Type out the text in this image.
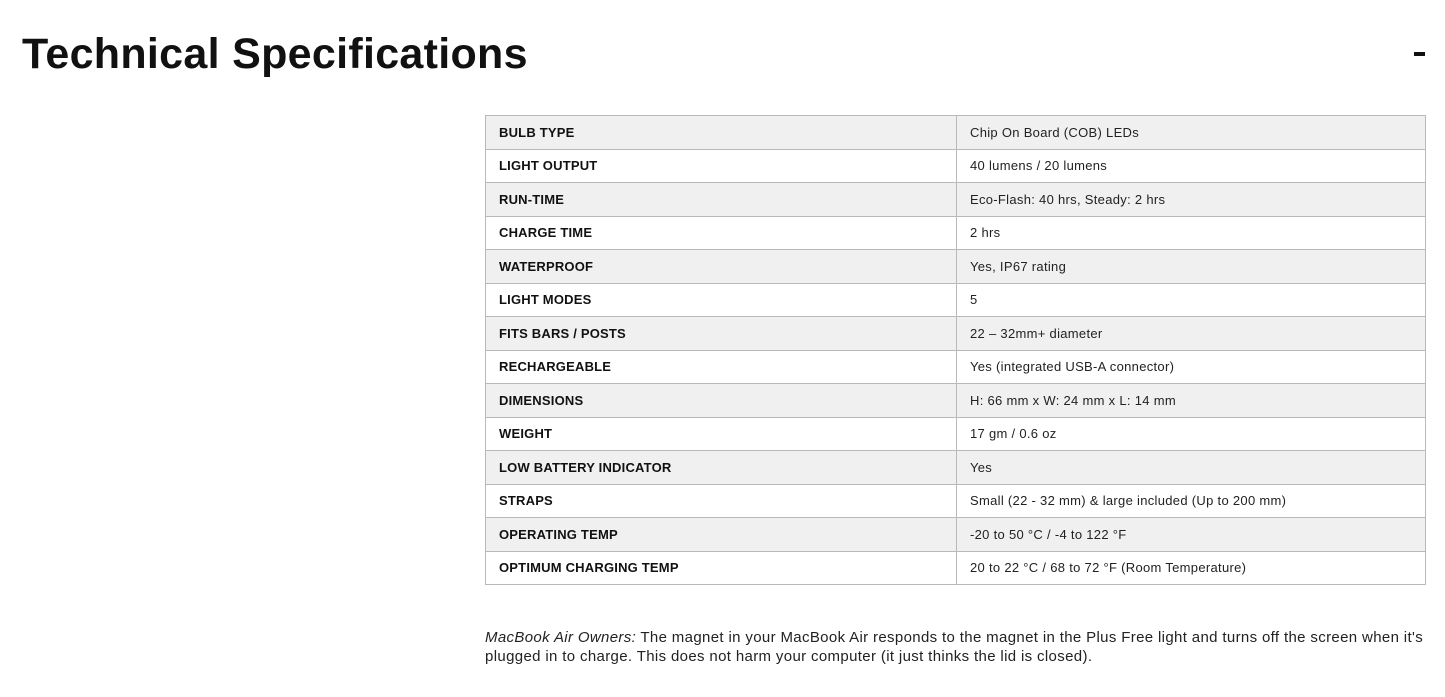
Technical Specifications
BULB TYPE	Chip On Board (COB) LEDs
LIGHT OUTPUT	40 lumens / 20 lumens
RUN-TIME	Eco-Flash: 40 hrs, Steady: 2 hrs
CHARGE TIME	2 hrs
WATERPROOF	Yes, IP67 rating
LIGHT MODES	5
FITS BARS / POSTS	22 – 32mm+ diameter
RECHARGEABLE	Yes (integrated USB-A connector)
DIMENSIONS	H: 66 mm x W: 24 mm x L: 14 mm
WEIGHT	17 gm / 0.6 oz
LOW BATTERY INDICATOR	Yes
STRAPS	Small (22 - 32 mm) & large included (Up to 200 mm)
OPERATING TEMP	-20 to 50 °C / -4 to 122 °F
OPTIMUM CHARGING TEMP	20 to 22 °C / 68 to 72 °F (Room Temperature)

MacBook Air Owners: The magnet in your MacBook Air responds to the magnet in the Plus Free light and turns off the screen when it's plugged in to charge. This does not harm your computer (it just thinks the lid is closed).
